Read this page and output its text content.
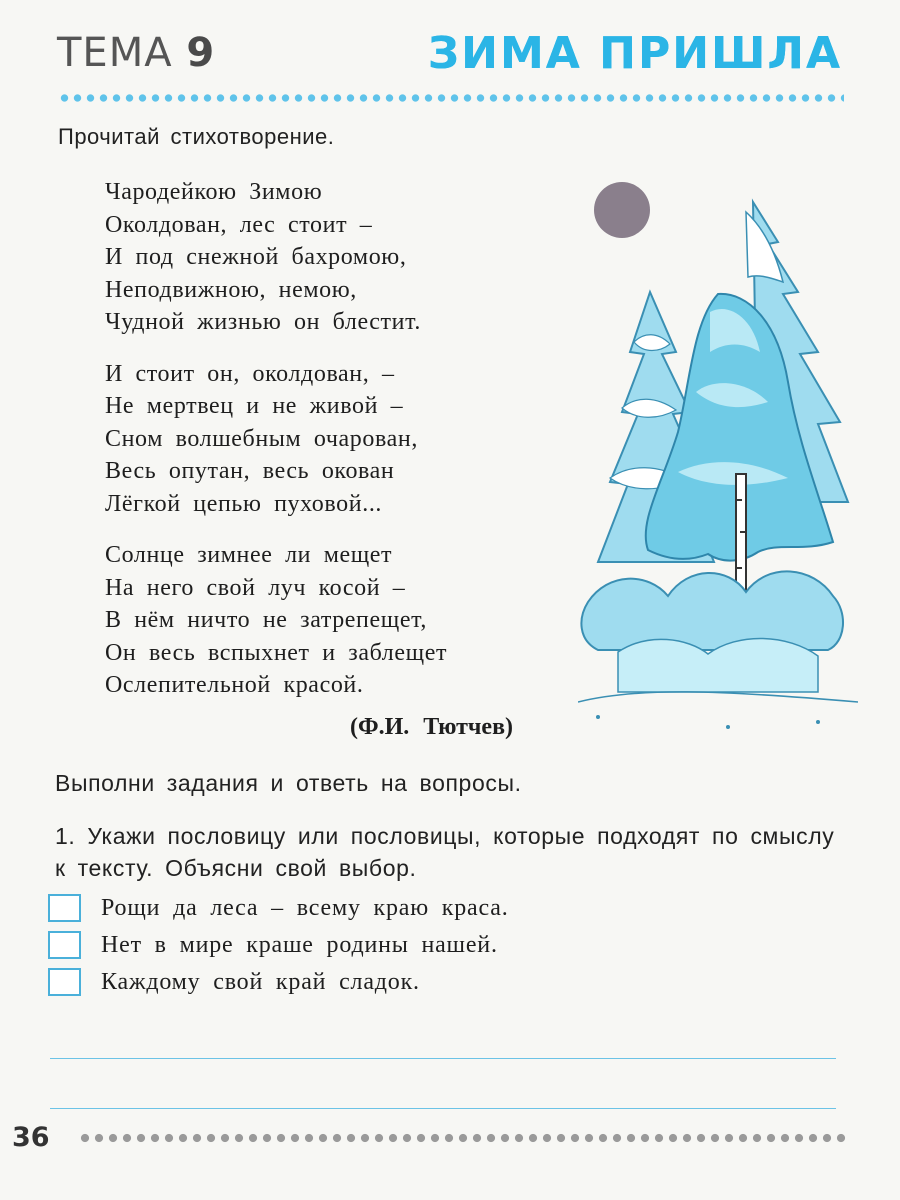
ТЕМА 9	ЗИМА ПРИШЛА
Прочитай стихотворение.
Чародейкою Зимою
Околдован, лес стоит –
И под снежной бахромою,
Неподвижною, немою,
Чудной жизнью он блестит.
И стоит он, околдован, –
Не мертвец и не живой –
Сном волшебным очарован,
Весь опутан, весь окован
Лёгкой цепью пуховой...
Солнце зимнее ли мещет
На него свой луч косой –
В нём ничто не затрепещет,
Он весь вспыхнет и заблещет
Ослепительной красой.
(Ф.И. Тютчев)
Выполни задания и ответь на вопросы.
1. Укажи пословицу или пословицы, которые подходят по смыслу к тексту. Объясни свой выбор.
Рощи да леса – всему краю краса.
Нет в мире краше родины нашей.
Каждому свой край сладок.
36
